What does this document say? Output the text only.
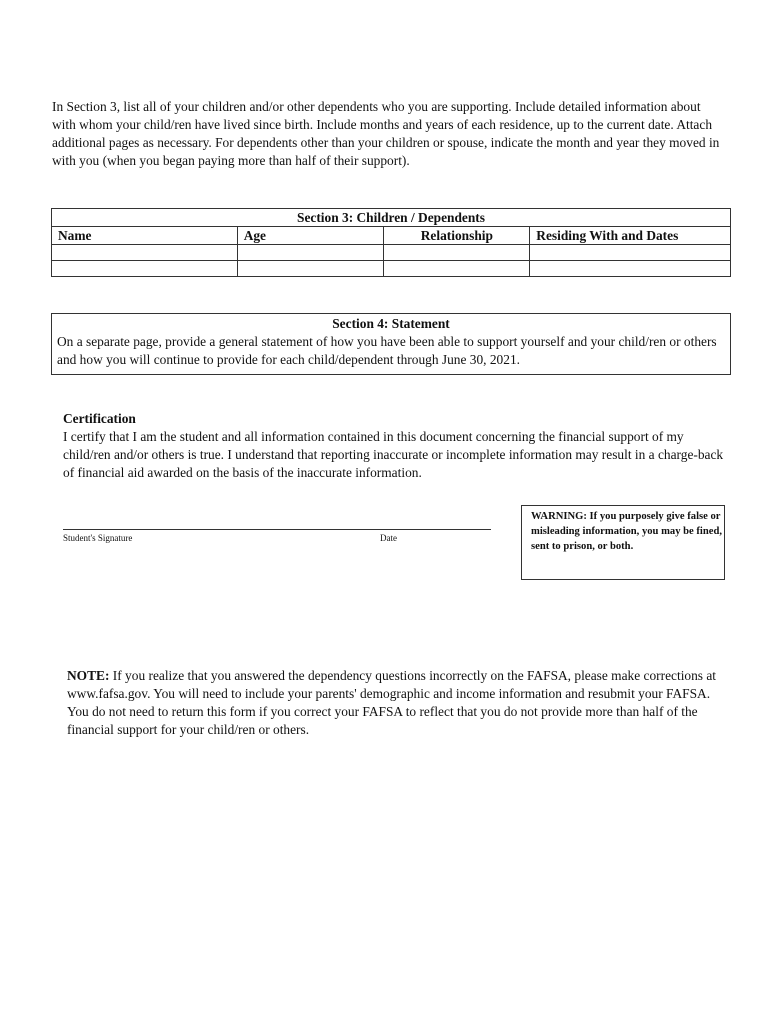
In Section 3, list all of your children and/or other dependents who you are supporting. Include detailed information about with whom your child/ren have lived since birth. Include months and years of each residence, up to the current date. Attach additional pages as necessary. For dependents other than your children or spouse, indicate the month and year they moved in with you (when you began paying more than half of their support).

Section 3: Children / Dependents			
Name	Age	Relationship	Residing With and Dates

Section 4: Statement
On a separate page, provide a general statement of how you have been able to support yourself and your child/ren or others and how you will continue to provide for each child/dependent through June 30, 2021.
Certification
I certify that I am the student and all information contained in this document concerning the financial support of my child/ren and/or others is true. I understand that reporting inaccurate or incomplete information may result in a charge-back of financial aid awarded on the basis of the inaccurate information.
Student's Signature	Date
WARNING: If you purposely give false or misleading information, you may be fined, sent to prison, or both.
NOTE: If you realize that you answered the dependency questions incorrectly on the FAFSA, please make corrections at www.fafsa.gov. You will need to include your parents' demographic and income information and resubmit your FAFSA. You do not need to return this form if you correct your FAFSA to reflect that you do not provide more than half of the financial support for your child/ren or others.
